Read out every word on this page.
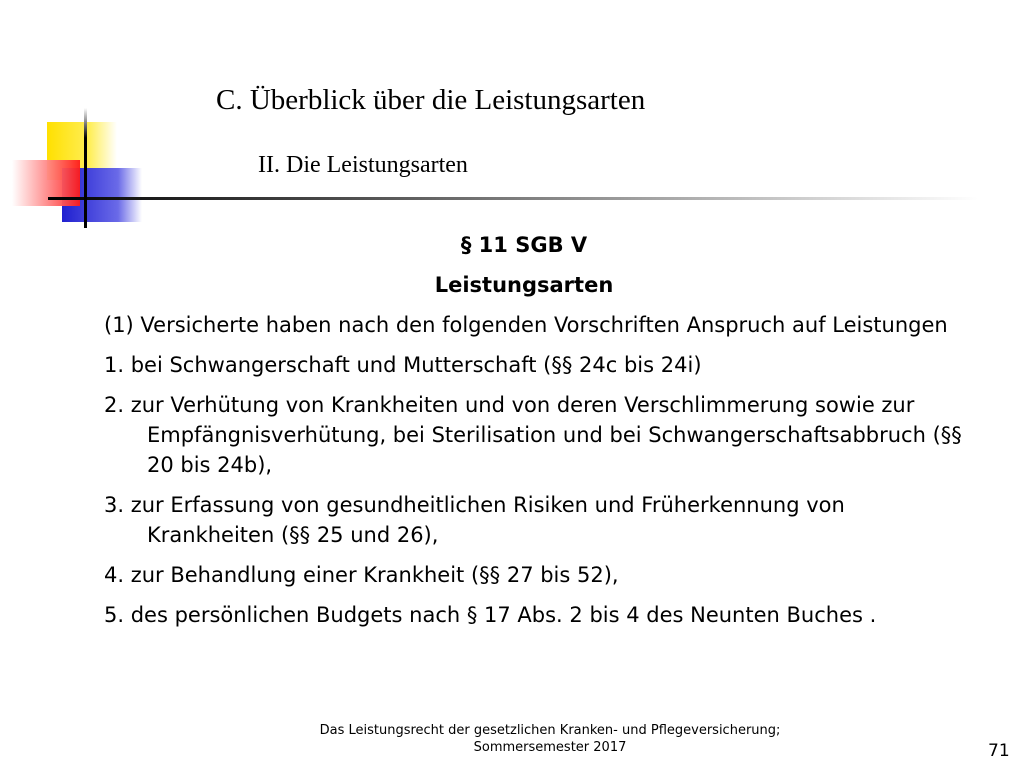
C. Überblick über die Leistungsarten
II. Die Leistungsarten
§ 11 SGB V
Leistungsarten
(1) Versicherte haben nach den folgenden Vorschriften Anspruch auf Leistungen
1. bei Schwangerschaft und Mutterschaft (§§ 24c bis 24i)
2. zur Verhütung von Krankheiten und von deren Verschlimmerung sowie zur Empfängnisverhütung, bei Sterilisation und bei Schwangerschaftsabbruch (§§ 20 bis 24b),
3. zur Erfassung von gesundheitlichen Risiken und Früherkennung von Krankheiten (§§ 25 und 26),
4. zur Behandlung einer Krankheit (§§ 27 bis 52),
5. des persönlichen Budgets nach § 17 Abs. 2 bis 4 des Neunten Buches .
Das Leistungsrecht der gesetzlichen Kranken- und Pflegeversicherung;
Sommersemester 2017	71
